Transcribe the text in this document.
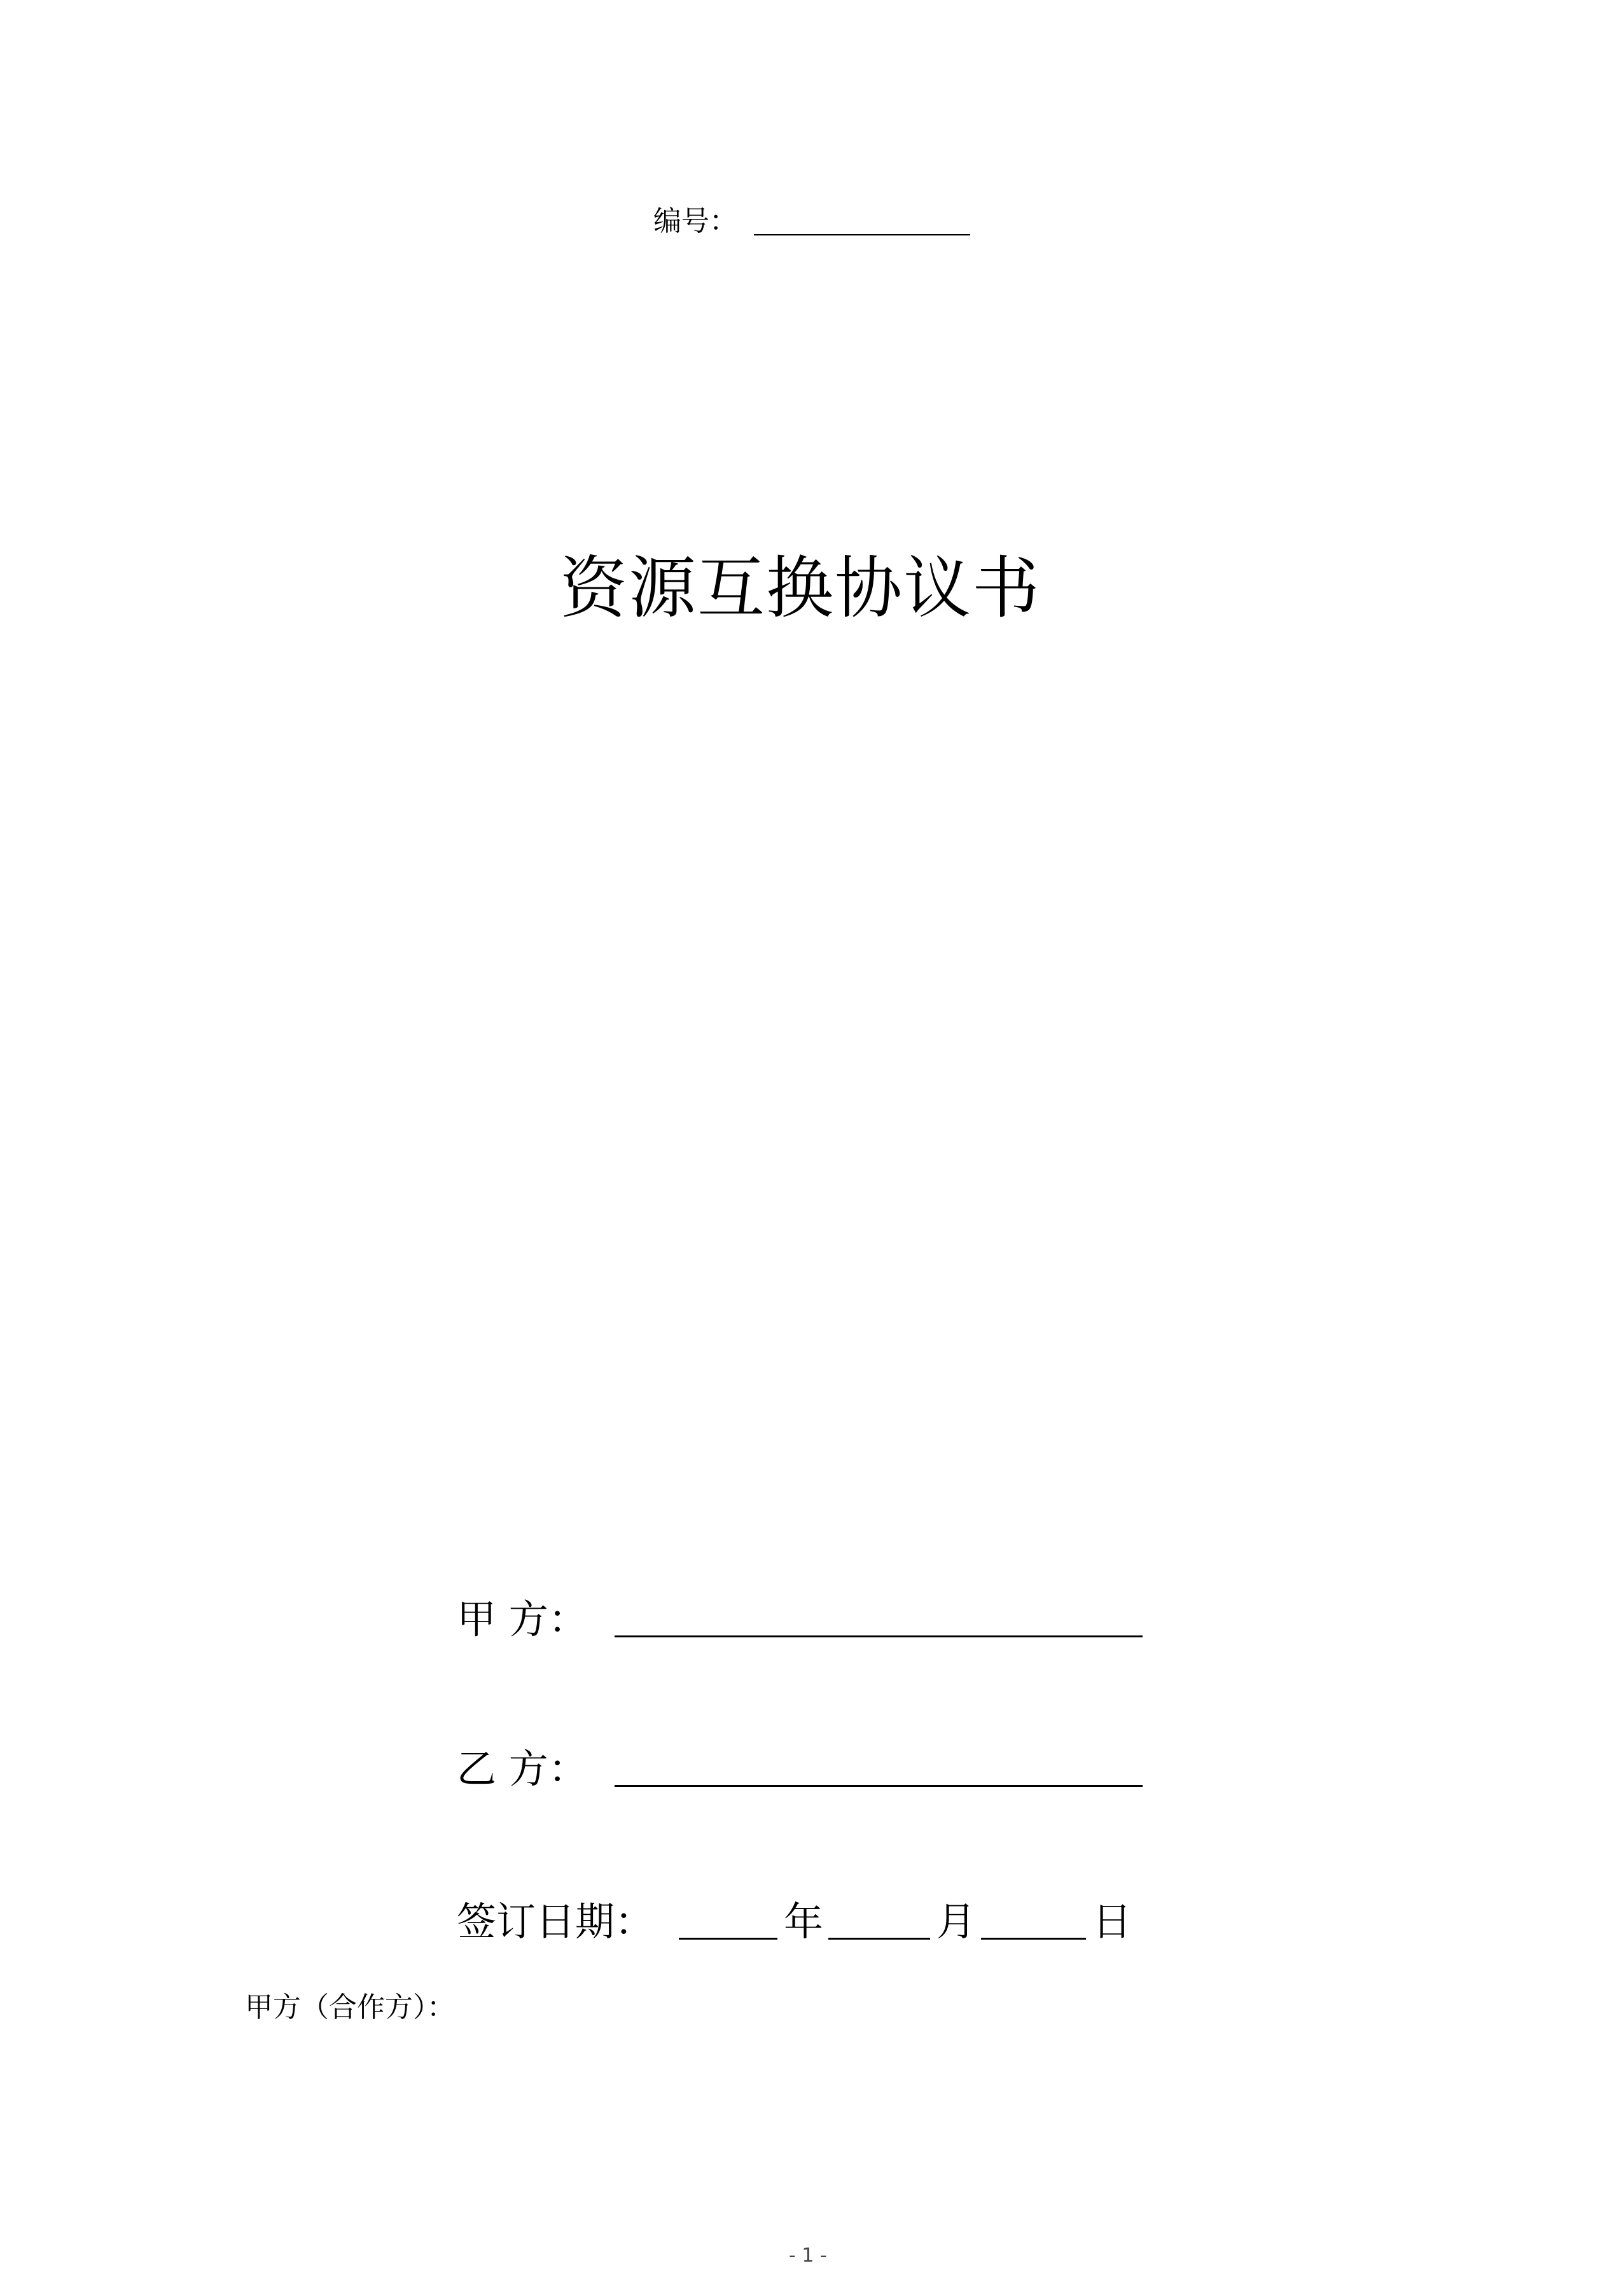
编号：
资源互换协议书
甲 方：
乙 方：
签订日期：	年	月	日
甲方（合作方）：
- 1 -
